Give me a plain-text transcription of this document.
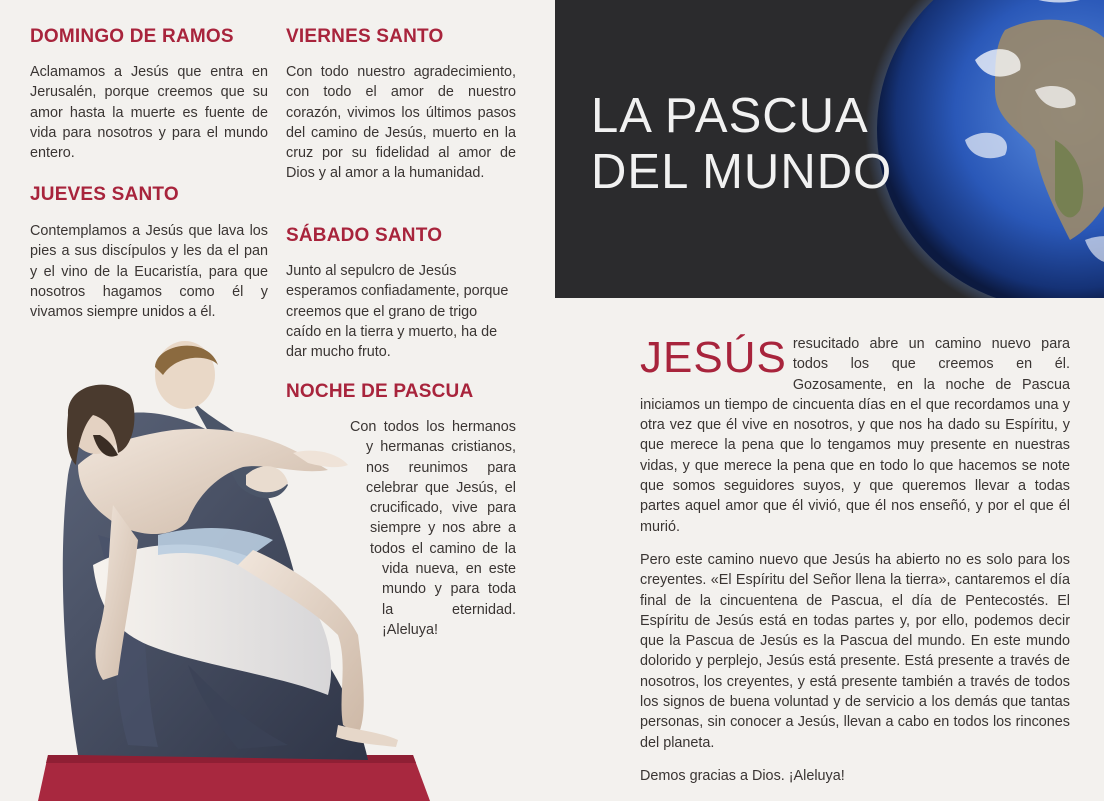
DOMINGO DE RAMOS

Aclamamos a Jesús que entra en Jerusalén, porque creemos que su amor hasta la muerte es fuente de vida para nosotros y para el mundo entero.

JUEVES SANTO

Contemplamos a Jesús que lava los pies a sus discípulos y les da el pan y el vino de la Eucaristía, para que nosotros hagamos como él y vivamos siempre unidos a él.

VIERNES SANTO

Con todo nuestro agradecimiento, con todo el amor de nuestro corazón, vivimos los últimos pasos del camino de Jesús, muerto en la cruz por su fidelidad al amor de Dios y al amor a la humanidad.

SÁBADO SANTO

Junto al sepulcro de Jesús esperamos confiadamente, porque creemos que el grano de trigo caído en la tierra y muerto, ha de dar mucho fruto.

NOCHE DE PASCUA
Con todos los hermanos y hermanas cristianos, nos reunimos para celebrar que Jesús, el crucificado, vive para siempre y nos abre a todos el camino de la vida nueva, en este mundo y para toda la eternidad. ¡Aleluya!
LA PASCUA
DEL MUNDO

JESÚS resucitado abre un camino nuevo para todos los que creemos en él. Gozosamente, en la noche de Pascua iniciamos un tiempo de cincuenta días en el que recordamos una y otra vez que él vive en nosotros, y que nos ha dado su Espíritu, y que merece la pena que lo tengamos muy presente en nuestras vidas, y que merece la pena que en todo lo que hacemos se note que somos seguidores suyos, y que queremos llevar a todas partes aquel amor que él vivió, que él nos enseñó, y por el que él murió.

Pero este camino nuevo que Jesús ha abierto no es solo para los creyentes. «El Espíritu del Señor llena la tierra», cantaremos el día final de la cincuentena de Pascua, el día de Pentecostés. El Espíritu de Jesús está en todas partes y, por ello, podemos decir que la Pascua de Jesús es la Pascua del mundo. En este mundo dolorido y perplejo, Jesús está presente. Está presente a través de nosotros, los creyentes, y está presente también a través de todos los signos de buena voluntad y de servicio a los demás que tantas personas, sin conocer a Jesús, llevan a cabo en todos los rincones del planeta.

Demos gracias a Dios. ¡Aleluya!
